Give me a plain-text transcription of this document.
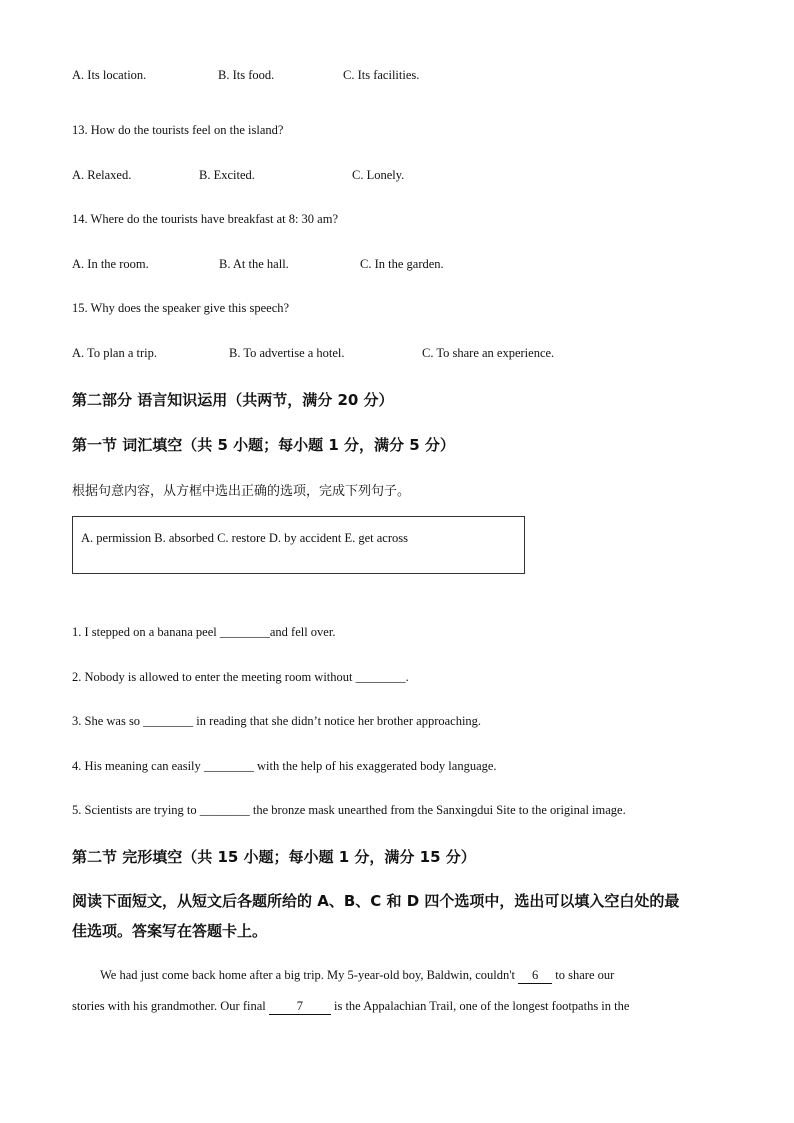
A. Its location.	B. Its food.	C. Its facilities.
13. How do the tourists feel on the island?
A. Relaxed.	B. Excited.	C. Lonely.
14. Where do the tourists have breakfast at 8: 30 am?
A. In the room.	B. At the hall.	C. In the garden.
15. Why does the speaker give this speech?
A. To plan a trip.	B. To advertise a hotel.	C. To share an experience.
第二部分 语言知识运用（共两节，满分 20 分）
第一节 词汇填空（共 5 小题；每小题 1 分，满分 5 分）
根据句意内容，从方框中选出正确的选项，完成下列句子。
A. permission B. absorbed C. restore D. by accident E. get across
1. I stepped on a banana peel ________and fell over.
2. Nobody is allowed to enter the meeting room without ________.
3. She was so ________ in reading that she didn’t notice her brother approaching.
4. His meaning can easily ________ with the help of his exaggerated body language.
5. Scientists are trying to ________ the bronze mask unearthed from the Sanxingdui Site to the original image.
第二节 完形填空（共 15 小题；每小题 1 分，满分 15 分）
阅读下面短文，从短文后各题所给的 A、B、C 和 D 四个选项中，选出可以填入空白处的最
佳选项。答案写在答题卡上。
We had just come back home after a big trip. My 5-year-old boy, Baldwin, couldn't 6 to share our
stories with his grandmother. Our final 7 is the Appalachian Trail, one of the longest footpaths in the
